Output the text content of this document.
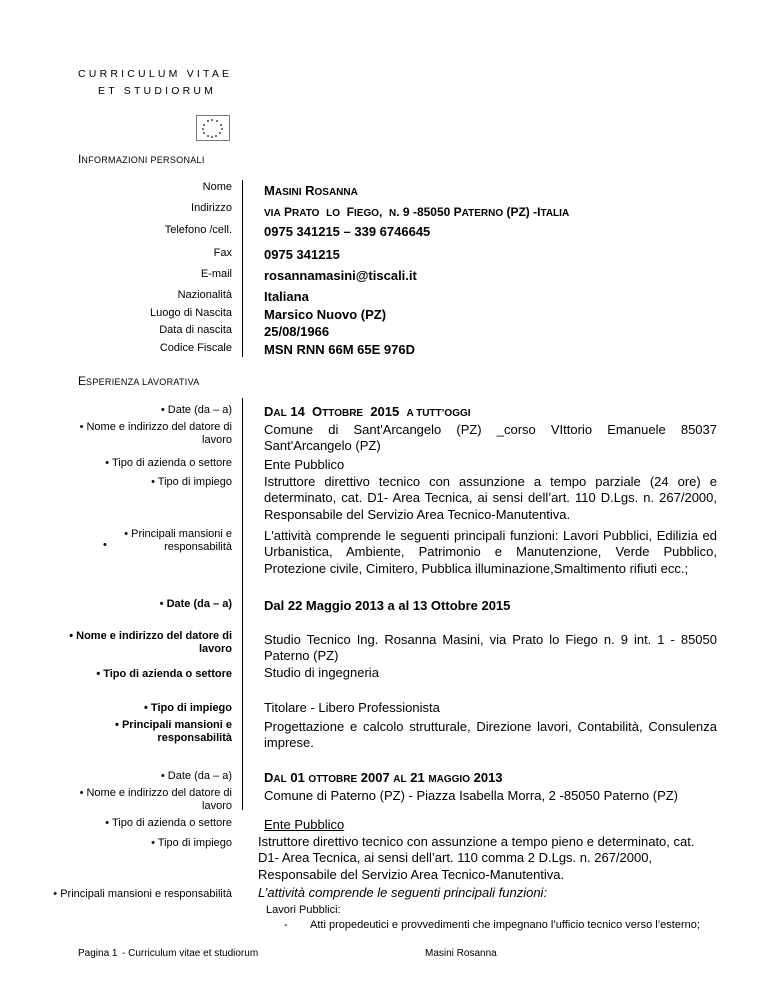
CURRICULUM VITAE
ET STUDIORUM
INFORMAZIONI PERSONALI
Nome MASINI ROSANNA
Indirizzo	VIA PRATO LO  FIEGO,  N. 9 -85050 PATERNO (PZ) -ITALIA
Telefono /cell. 0975 341215 – 339 6746645
Fax 0975 341215
E-mail rosannamasini@tiscali.it
Nazionalità Italiana
Luogo di Nascita Marsico Nuovo (PZ)
Data di nascita 25/08/1966
Codice Fiscale MSN RNN 66M 65E 976D
ESPERIENZA LAVORATIVA
• Date (da – a) DAL 14  OTTOBRE  2015  A TUTT’OGGI
• Nome e indirizzo del datore di lavoro
Comune di Sant'Arcangelo (PZ) _corso VIttorio Emanuele 85037 Sant'Arcangelo (PZ)
• Tipo di azienda o settore Ente Pubblico
• Tipo di impiego Istruttore direttivo tecnico con assunzione a tempo parziale (24 ore) e determinato, cat. D1- Area Tecnica, ai sensi dell’art. 110 D.Lgs. n. 267/2000, Responsabile del Servizio Area Tecnico-Manutentiva.
•
• Principali mansioni e responsabilità
L'attività comprende le seguenti principali funzioni: Lavori Pubblici, Edilizia ed Urbanistica, Ambiente, Patrimonio e Manutenzione, Verde Pubblico, Protezione civile, Cimitero, Pubblica illuminazione,Smaltimento rifiuti ecc.;
• Date (da – a) Dal 22 Maggio 2013 a al 13 Ottobre 2015
• Nome e indirizzo del datore di lavoro
Studio Tecnico Ing. Rosanna Masini, via Prato lo Fiego n. 9 int. 1 - 85050 Paterno (PZ)
• Tipo di azienda o settore Studio di ingegneria
• Tipo di impiego Titolare - Libero Professionista
• Principali mansioni e responsabilità
Progettazione e calcolo strutturale, Direzione lavori, Contabilità, Consulenza imprese.
• Date (da – a) DAL 01 OTTOBRE 2007 AL 21 MAGGIO 2013
• Nome e indirizzo del datore di lavoro
Comune di Paterno (PZ) - Piazza Isabella Morra, 2 -85050 Paterno (PZ)
• Tipo di azienda o settore Ente Pubblico
• Tipo di impiego Istruttore direttivo tecnico con assunzione a tempo pieno e determinato, cat. D1- Area Tecnica, ai sensi dell’art. 110 comma 2 D.Lgs. n. 267/2000, Responsabile del Servizio Area Tecnico-Manutentiva.
• Principali mansioni e responsabilità L’attività comprende le seguenti principali funzioni:
Lavori Pubblici:
- Atti propedeutici e provvedimenti che impegnano l’ufficio tecnico verso l’esterno;
Pagina 1 - Curriculum vitae et studiorum	Masini Rosanna
